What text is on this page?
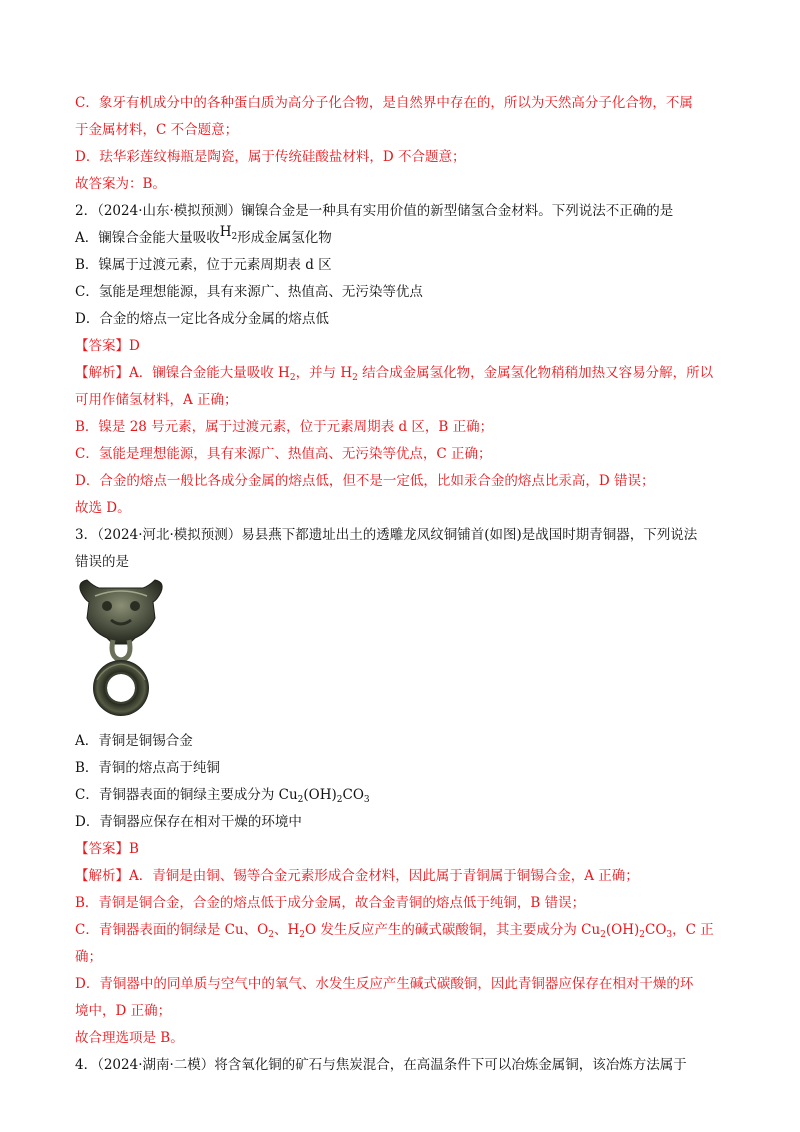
C．象牙有机成分中的各种蛋白质为高分子化合物，是自然界中存在的，所以为天然高分子化合物，不属
于金属材料，C 不合题意；
D．珐华彩莲纹梅瓶是陶瓷，属于传统硅酸盐材料，D 不合题意；
故答案为：B。
2．（2024·山东·模拟预测）镧镍合金是一种具有实用价值的新型储氢合金材料。下列说法不正确的是
A．镧镍合金能大量吸收$H_2$形成金属氢化物
B．镍属于过渡元素，位于元素周期表 d 区
C．氢能是理想能源，具有来源广、热值高、无污染等优点
D．合金的熔点一定比各成分金属的熔点低
【答案】D
【解析】A．镧镍合金能大量吸收 $H_2$，并与 $H_2$ 结合成金属氢化物，金属氢化物稍稍加热又容易分解，所以
可用作储氢材料，A 正确；
B．镍是 28 号元素，属于过渡元素，位于元素周期表 d 区，B 正确；
C．氢能是理想能源，具有来源广、热值高、无污染等优点，C 正确；
D．合金的熔点一般比各成分金属的熔点低，但不是一定低，比如汞合金的熔点比汞高，D 错误；
故选 D。
3．（2024·河北·模拟预测）易县燕下都遗址出土的透雕龙凤纹铜铺首(如图)是战国时期青铜器，下列说法
错误的是
A．青铜是铜锡合金
B．青铜的熔点高于纯铜
C．青铜器表面的铜绿主要成分为 $Cu_2(OH)_2CO_3$
D．青铜器应保存在相对干燥的环境中
【答案】B
【解析】A．青铜是由铜、锡等合金元素形成合金材料，因此属于青铜属于铜锡合金，A 正确；
B．青铜是铜合金，合金的熔点低于成分金属，故合金青铜的熔点低于纯铜，B 错误；
C．青铜器表面的铜绿是 Cu、$O_2$、$H_2O$ 发生反应产生的碱式碳酸铜，其主要成分为 $Cu_2(OH)_2CO_3$，C 正
确；
D．青铜器中的同单质与空气中的氧气、水发生反应产生碱式碳酸铜，因此青铜器应保存在相对干燥的环
境中，D 正确；
故合理选项是 B。
4．（2024·湖南·二模）将含氧化铜的矿石与焦炭混合，在高温条件下可以冶炼金属铜，该冶炼方法属于
